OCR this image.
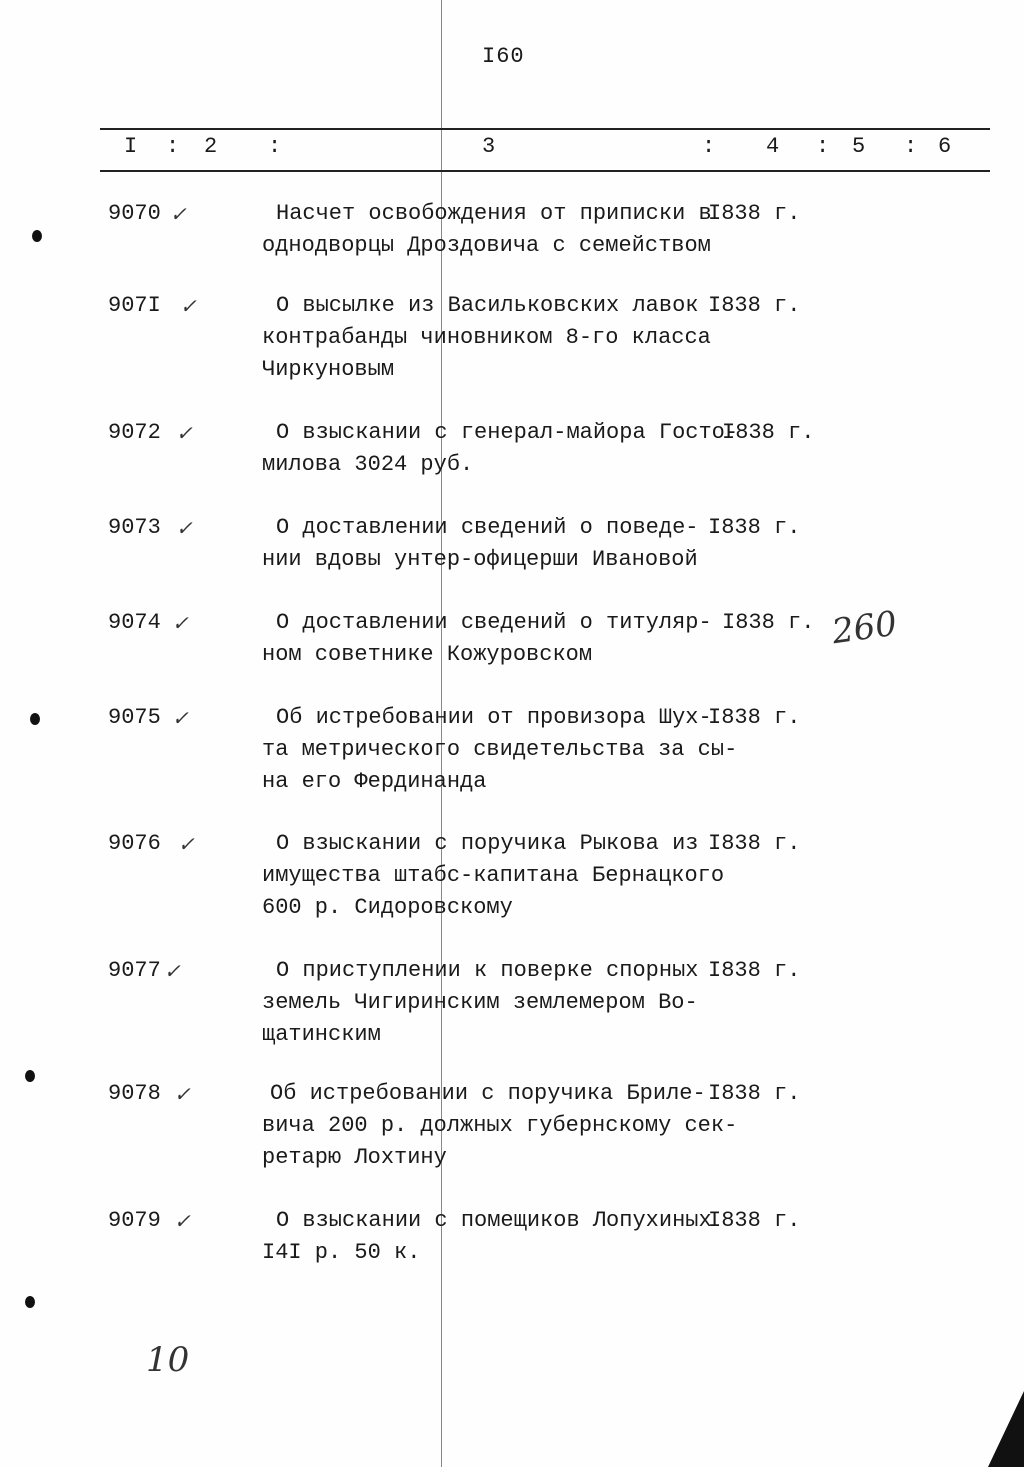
I60
I : 2 :	3	: 4 : 5 : 6
9070 ✓	Насчет освобождения от приписки в
однодворцы Дроздовича с семейством
I838 г.
907I ✓	О высылке из Васильковских лавок
контрабанды чиновником 8-го класса
Чиркуновым
I838 г.
9072 ✓	О взыскании с генерал-майора Госто-
милова 3024 руб.
I838 г.
9073 ✓	О доставлении сведений о поведе-
нии вдовы унтер-офицерши Ивановой
I838 г.
9074 ✓	О доставлении сведений о титуляр-
ном советнике Кожуровском
I838 г.
9075 ✓	Об истребовании от провизора Шух-
та метрического свидетельства за сы-
на его Фердинанда
I838 г.
9076 ✓	О взыскании с поручика Рыкова из
имущества штабс-капитана Бернацкого
600 р. Сидоровскому
I838 г.
9077 ✓	О приступлении к поверке спорных
земель Чигиринским землемером Во-
щатинским
I838 г.
9078 ✓	Об истребовании с поручика Бриле-
вича 200 р. должных губернскому сек-
ретарю Лохтину
I838 г.
9079 ✓	О взыскании с помещиков Лопухиных
I4I р. 50 к.
I838 г.
260
10
